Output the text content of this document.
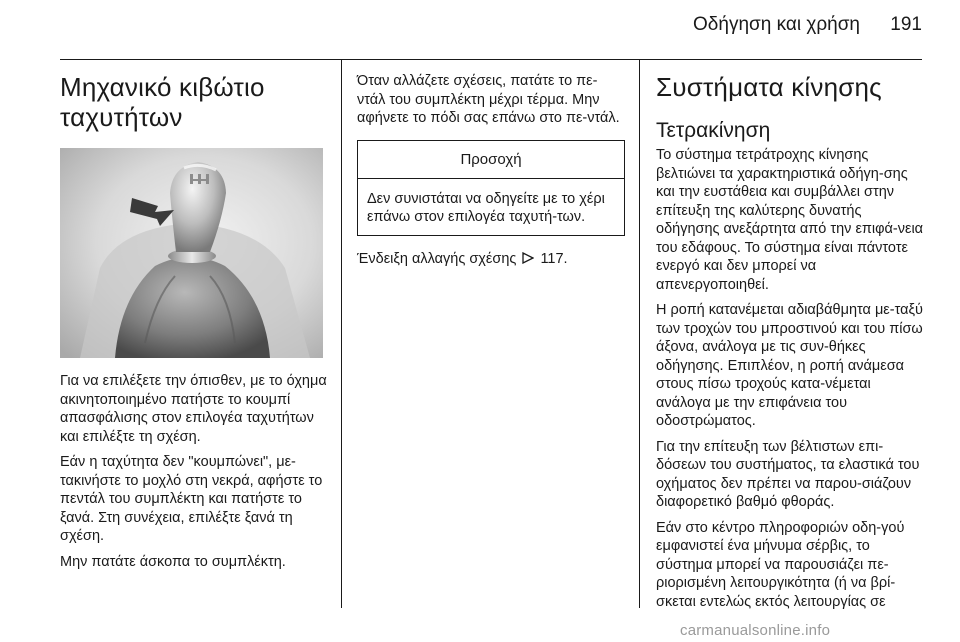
Οδήγηση και χρήση	191
Μηχανικό κιβώτιο ταχυτήτων

Για να επιλέξετε την όπισθεν, με το όχημα ακινητοποιημένο πατήστε το κουμπί απασφάλισης στον επιλογέα ταχυτήτων και επιλέξτε τη σχέση.

Εάν η ταχύτητα δεν "κουμπώνει", με-τακινήστε το μοχλό στη νεκρά, αφήστε το πεντάλ του συμπλέκτη και πατήστε το ξανά. Στη συνέχεια, επιλέξτε ξανά τη σχέση.

Μην πατάτε άσκοπα το συμπλέκτη.

Όταν αλλάζετε σχέσεις, πατάτε το πε-ντάλ του συμπλέκτη μέχρι τέρμα. Μην αφήνετε το πόδι σας επάνω στο πε-ντάλ.

Προσοχή

Δεν συνιστάται να οδηγείτε με το χέρι επάνω στον επιλογέα ταχυτή-των.

Ένδειξη αλλαγής σχέσης 117.

Συστήματα κίνησης
Τετρακίνηση

Το σύστημα τετράτροχης κίνησης βελτιώνει τα χαρακτηριστικά οδήγη-σης και την ευστάθεια και συμβάλλει στην επίτευξη της καλύτερης δυνατής οδήγησης ανεξάρτητα από την επιφά-νεια του εδάφους. Το σύστημα είναι πάντοτε ενεργό και δεν μπορεί να απενεργοποιηθεί.

Η ροπή κατανέμεται αδιαβάθμητα με-ταξύ των τροχών του μπροστινού και του πίσω άξονα, ανάλογα με τις συν-θήκες οδήγησης. Επιπλέον, η ροπή ανάμεσα στους πίσω τροχούς κατα-νέμεται ανάλογα με την επιφάνεια του οδοστρώματος.

Για την επίτευξη των βέλτιστων επι-δόσεων του συστήματος, τα ελαστικά του οχήματος δεν πρέπει να παρου-σιάζουν διαφορετικό βαθμό φθοράς.

Εάν στο κέντρο πληροφοριών οδη-γού εμφανιστεί ένα μήνυμα σέρβις, το σύστημα μπορεί να παρουσιάζει πε-ριορισμένη λειτουργικότητα (ή να βρί-σκεται εντελώς εκτός λειτουργίας σε

carmanualsonline.info
